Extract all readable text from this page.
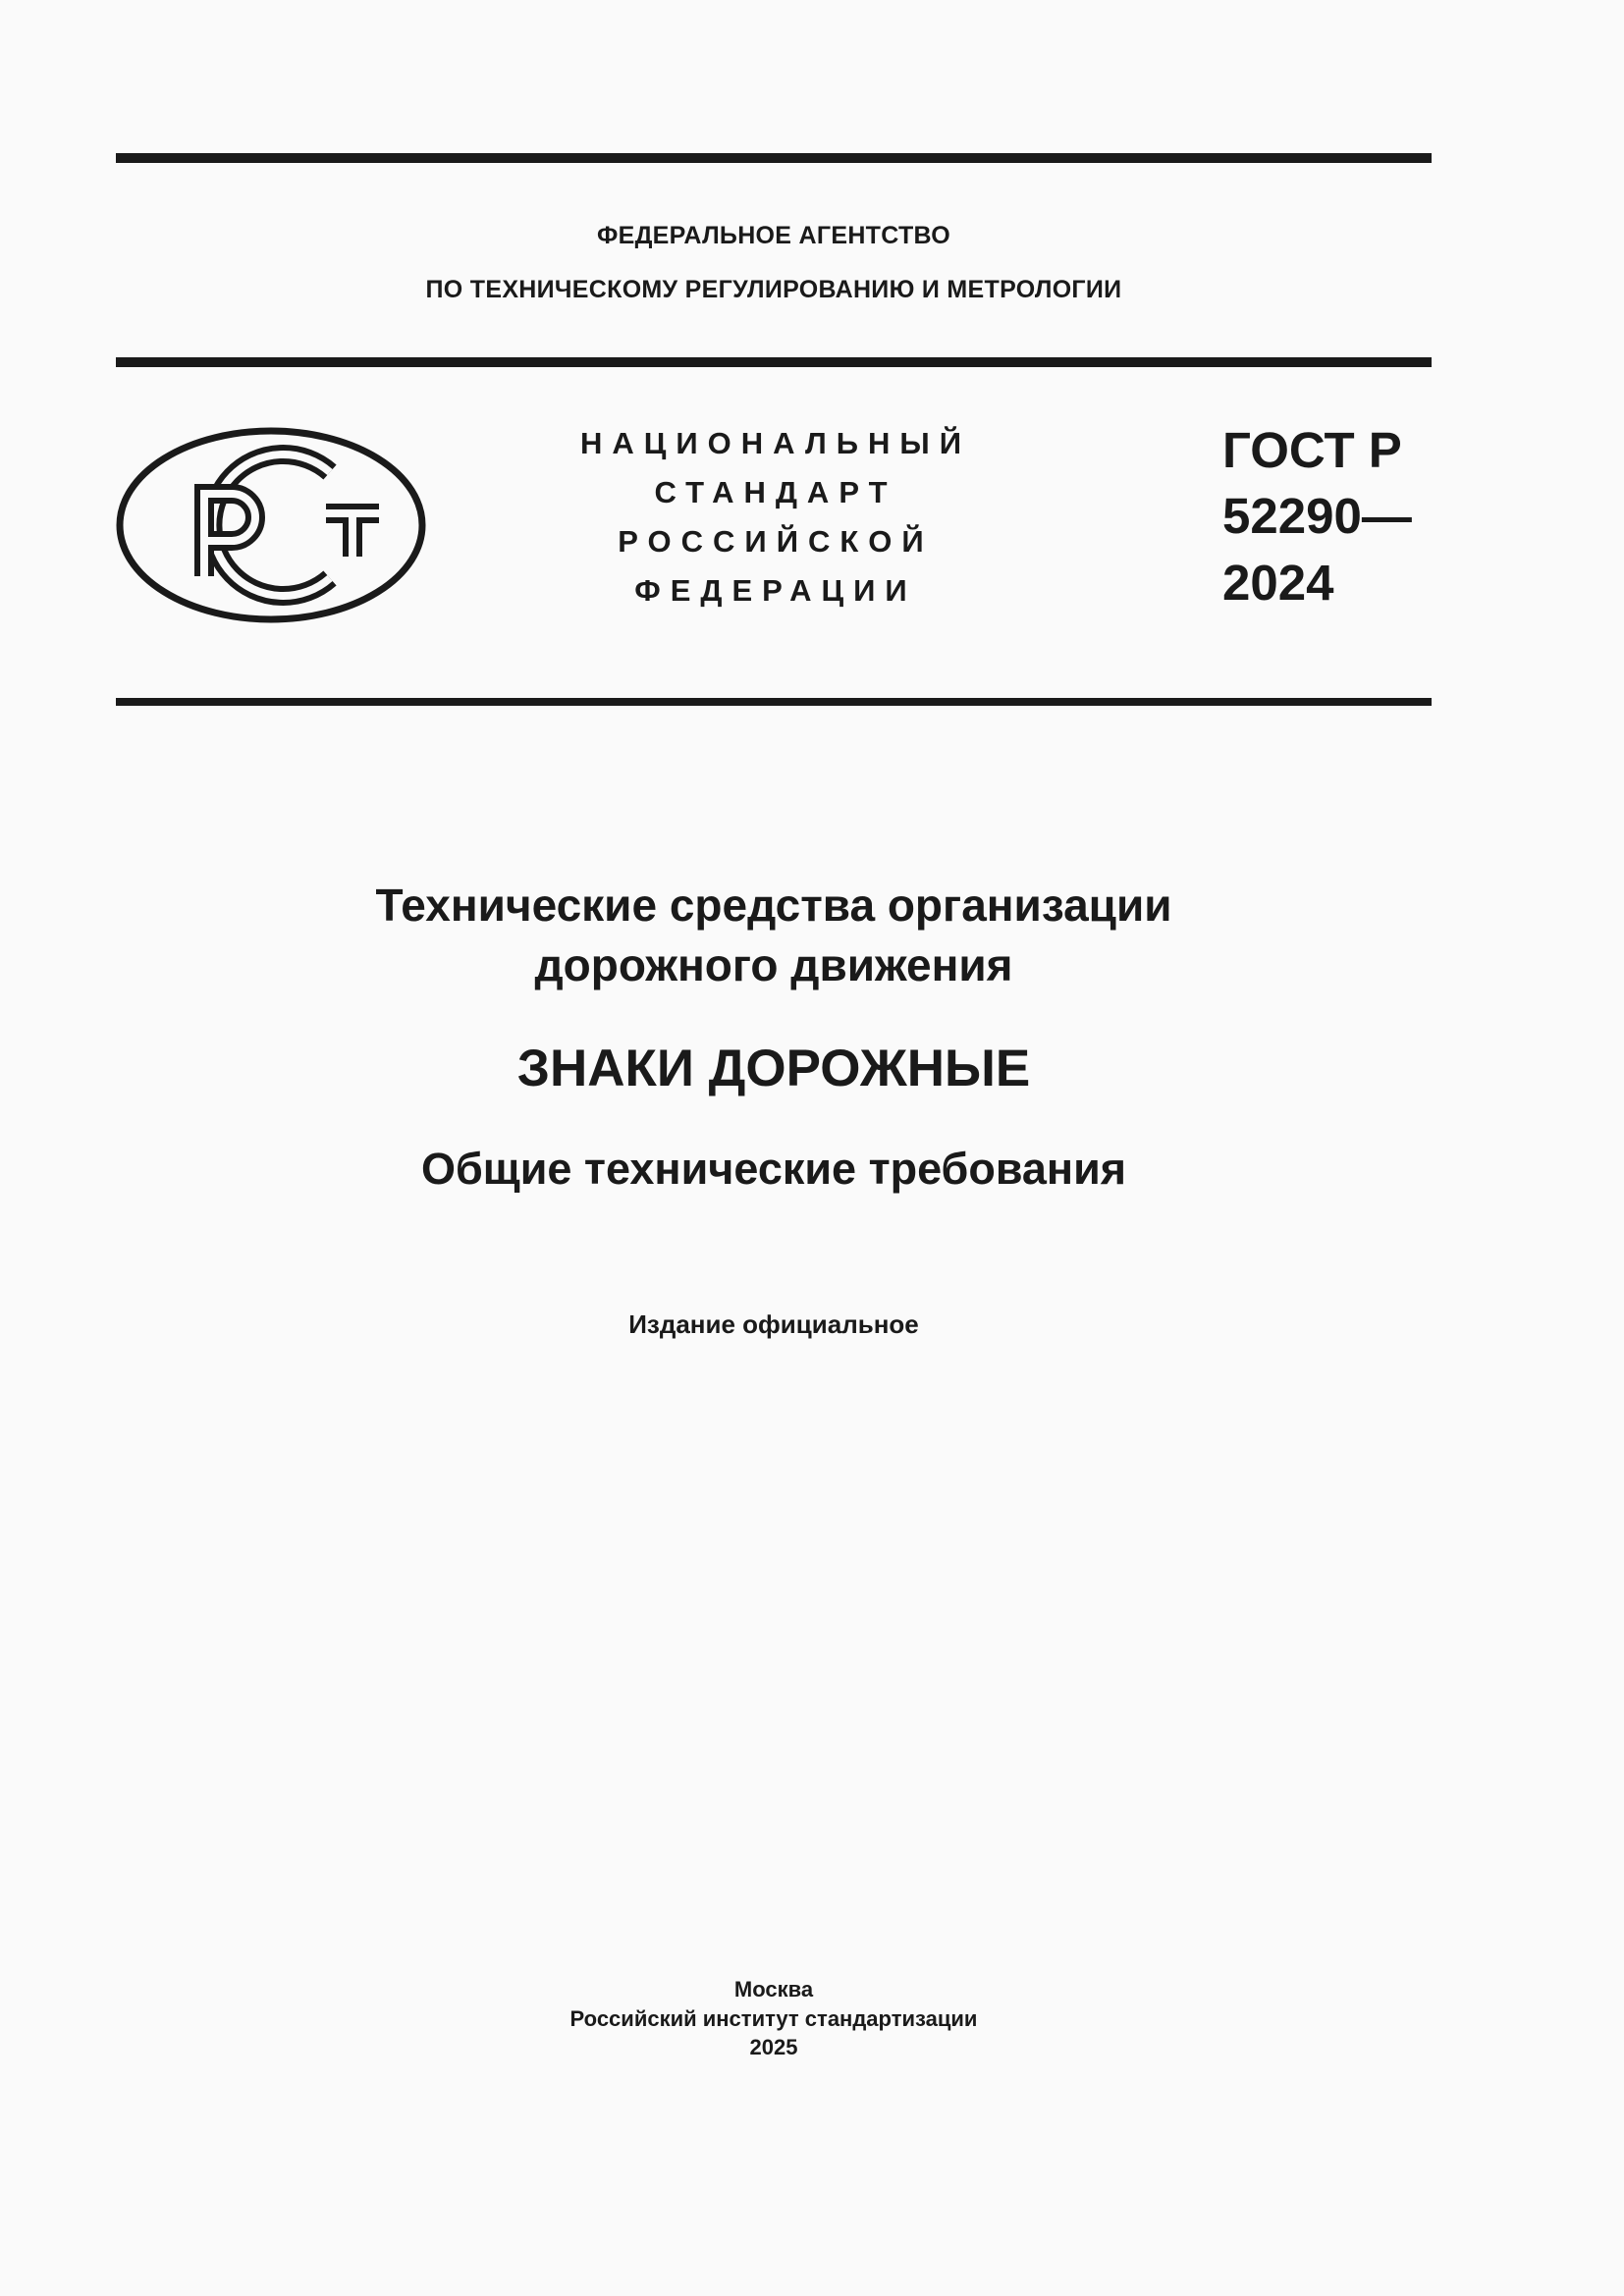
ФЕДЕРАЛЬНОЕ АГЕНТСТВО
ПО ТЕХНИЧЕСКОМУ РЕГУЛИРОВАНИЮ И МЕТРОЛОГИИ
НАЦИОНАЛЬНЫЙ
СТАНДАРТ
РОССИЙСКОЙ
ФЕДЕРАЦИИ
ГОСТ Р
52290—
2024
Технические средства организации
дорожного движения
ЗНАКИ ДОРОЖНЫЕ
Общие технические требования
Издание официальное
Москва
Российский институт стандартизации
2025
